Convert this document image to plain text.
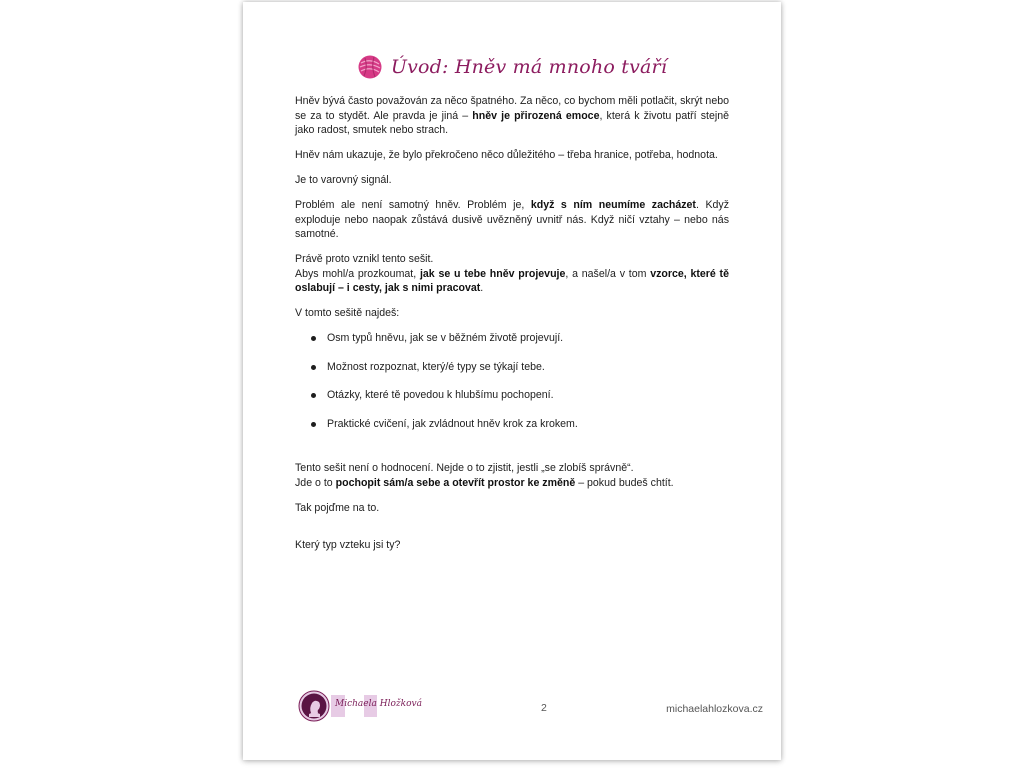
Úvod: Hněv má mnoho tváří

Hněv bývá často považován za něco špatného. Za něco, co bychom měli potlačit, skrýt nebo se za to stydět. Ale pravda je jiná – hněv je přirozená emoce, která k životu patří stejně jako radost, smutek nebo strach.

Hněv nám ukazuje, že bylo překročeno něco důležitého – třeba hranice, potřeba, hodnota.

Je to varovný signál.

Problém ale není samotný hněv. Problém je, když s ním neumíme zacházet. Když exploduje nebo naopak zůstává dusivě uvězněný uvnitř nás. Když ničí vztahy – nebo nás samotné.

Právě proto vznikl tento sešit.
Abys mohl/a prozkoumat, jak se u tebe hněv projevuje, a našel/a v tom vzorce, které tě oslabují – i cesty, jak s nimi pracovat.

V tomto sešitě najdeš:

Osm typů hněvu, jak se v běžném životě projevují.
Možnost rozpoznat, který/é typy se týkají tebe.
Otázky, které tě povedou k hlubšímu pochopení.
Praktické cvičení, jak zvládnout hněv krok za krokem.

Tento sešit není o hodnocení. Nejde o to zjistit, jestli „se zlobíš správně“.
Jde o to pochopit sám/a sebe a otevřít prostor ke změně – pokud budeš chtít.

Tak pojďme na to.

Který typ vzteku jsi ty?

Michaela Hložková	2	michaelahlozkova.cz
